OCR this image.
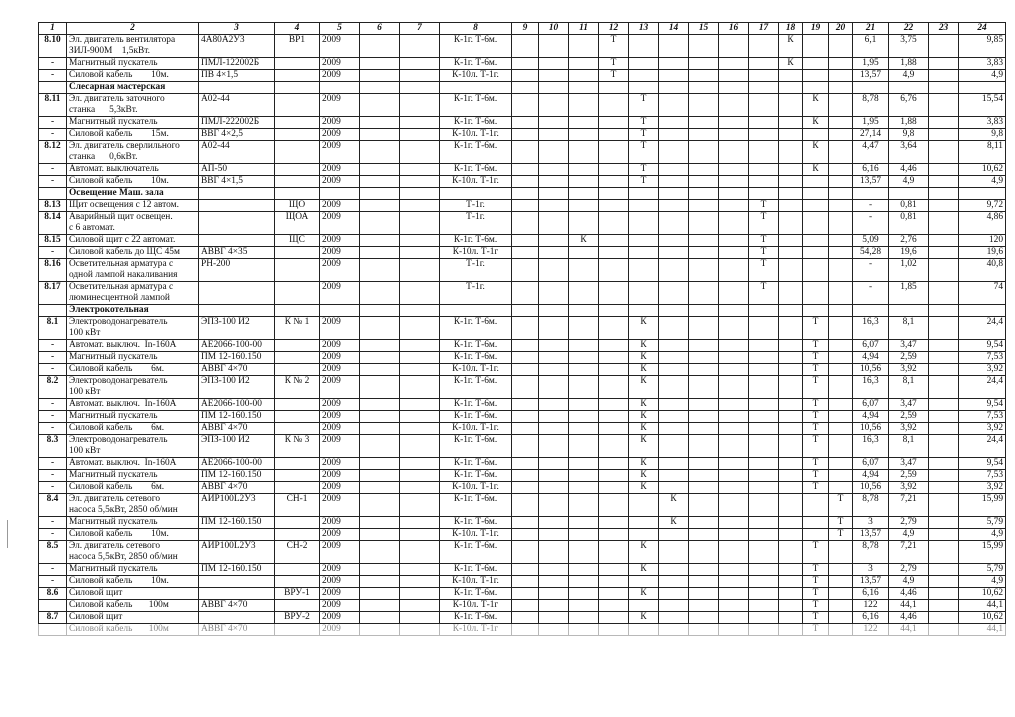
1	2	3	4	5	6	7	8	9	10	11	12	13	14	15	16	17	18	19	20	21	22	23	24
8.10	Эл. двигатель вентилятора
ЗИЛ-900М    1,5кВт.	4А80А2У3	ВР1	2009			К-1г. Т-6м.				Т						К			6,1	3,75		9,85
-	Магнитный пускатель	ПМЛ-122002Б		2009			К-1г. Т-6м.				Т						К			1,95	1,88		3,83
-	Силовой кабель        10м.	ПВ 4×1,5		2009			К-10л. Т-1г.				Т									13,57	4,9		4,9
	Слесарная мастерская																						
8.11	Эл. двигатель заточного
станка      5,3кВт.	А02-44		2009			К-1г. Т-6м.					Т						К		8,78	6,76		15,54
-	Магнитный пускатель	ПМЛ-222002Б		2009			К-1г. Т-6м.					Т						К		1,95	1,88		3,83
-	Силовой кабель        15м.	ВВГ 4×2,5		2009			К-10л. Т-1г.					Т								27,14	9,8		9,8
8.12	Эл. двигатель сверлильного
станка      0,6кВт.	А02-44		2009			К-1г. Т-6м.					Т						К		4,47	3,64		8,11
-	Автомат. выключатель	АП-50		2009			К-1г. Т-6м.					Т						К		6,16	4,46		10,62
-	Силовой кабель        10м.	ВВГ 4×1,5		2009			К-10л. Т-1г.					Т								13,57	4,9		4,9
	Освещение Маш. зала																						
8.13	Щит освещения с 12 автом.		ЩО	2009			Т-1г.									Т				-	0,81		9,72
8.14	Аварийный щит освещен.
с 6 автомат.		ЩОА	2009			Т-1г.									Т				-	0,81		4,86
8.15	Силовой щит с 22 автомат.		ЩС	2009			К-1г. Т-6м.			К						Т				5,09	2,76		120
-	Силовой кабель до ЩС 45м	АВВГ 4×35		2009			К-10л. Т-1г									Т				54,28	19,6		19,6
8.16	Осветительная арматура с
одной лампой накаливания	РН-200		2009			Т-1г.									Т				-	1,02		40,8
8.17	Осветительная арматура с
люминесцентной лампой			2009			Т-1г.									Т				-	1,85		74
	Электрокотельная																						
8.1	Электроводонагреватель
100 кВт	ЭПЗ-100 И2	К № 1	2009			К-1г. Т-6м.					К						Т		16,3	8,1		24,4
-	Автомат. выключ.  In-160А	АЕ2066-100-00		2009			К-1г. Т-6м.					К						Т		6,07	3,47		9,54
-	Магнитный пускатель	ПМ 12-160.150		2009			К-1г. Т-6м.					К						Т		4,94	2,59		7,53
-	Силовой кабель        6м.	АВВГ 4×70		2009			К-10л. Т-1г.					К						Т		10,56	3,92		3,92
8.2	Электроводонагреватель
100 кВт	ЭПЗ-100 И2	К № 2	2009			К-1г. Т-6м.					К						Т		16,3	8,1		24,4
-	Автомат. выключ.  In-160А	АЕ2066-100-00		2009			К-1г. Т-6м.					К						Т		6,07	3,47		9,54
-	Магнитный пускатель	ПМ 12-160.150		2009			К-1г. Т-6м.					К						Т		4,94	2,59		7,53
-	Силовой кабель        6м.	АВВГ 4×70		2009			К-10л. Т-1г.					К						Т		10,56	3,92		3,92
8.3	Электроводонагреватель
100 кВт	ЭПЗ-100 И2	К № 3	2009			К-1г. Т-6м.					К						Т		16,3	8,1		24,4
-	Автомат. выключ.  In-160А	АЕ2066-100-00		2009			К-1г. Т-6м.					К						Т		6,07	3,47		9,54
-	Магнитный пускатель	ПМ 12-160.150		2009			К-1г. Т-6м.					К						Т		4,94	2,59		7,53
-	Силовой кабель        6м.	АВВГ 4×70		2009			К-10л. Т-1г.					К						Т		10,56	3,92		3,92
8.4	Эл. двигатель сетевого
насоса 5,5кВт, 2850 об/мин	АИР100L2У3	СН-1	2009			К-1г. Т-6м.						К						Т	8,78	7,21		15,99
-	Магнитный пускатель	ПМ 12-160.150		2009			К-1г. Т-6м.						К						Т	3	2,79		5,79
-	Силовой кабель        10м.			2009			К-10л. Т-1г.												Т	13,57	4,9		4,9
8.5	Эл. двигатель сетевого
насоса 5,5кВт, 2850 об/мин	АИР100L2У3	СН-2	2009			К-1г. Т-6м.					К						Т		8,78	7,21		15,99
-	Магнитный пускатель	ПМ 12-160.150		2009			К-1г. Т-6м.					К						Т		3	2,79		5,79
-	Силовой кабель        10м.			2009			К-10л. Т-1г.											Т		13,57	4,9		4,9
8.6	Силовой щит		ВРУ-1	2009			К-1г. Т-6м.					К						Т		6,16	4,46		10,62
	Силовой кабель       100м	АВВГ 4×70		2009			К-10л. Т-1г											Т		122	44,1		44,1
8.7	Силовой щит		ВРУ-2	2009			К-1г. Т-6м.					К						Т		6,16	4,46		10,62
	Силовой кабель       100м	АВВГ 4×70		2009			К-10л. Т-1г											Т		122	44,1		44,1
